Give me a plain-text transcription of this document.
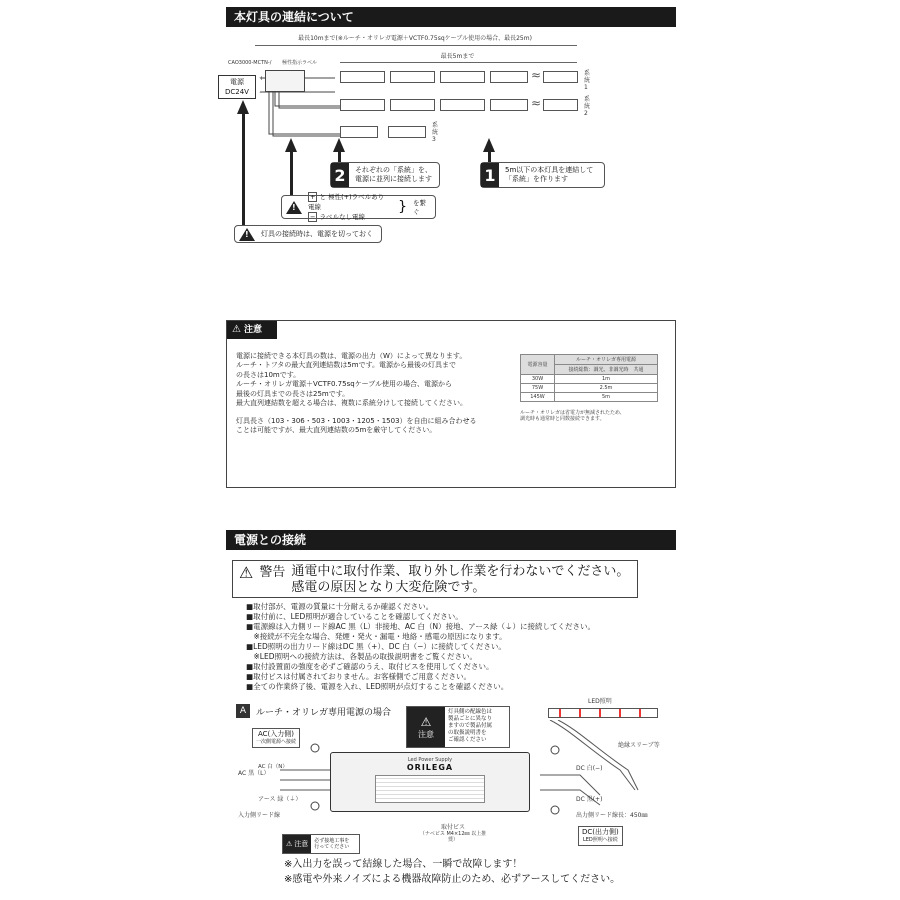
本灯具の連結について
最長10mまで(※ルーチ・オリレガ電源＋VCTF0.75sqケーブル使用の場合、最長25m)
最長5mまで
CAO3000-MCTN-/ 極性指示ラベル
電源
DC24V
+
−
≈	系統1
≈	系統2
系統3
2	それぞれの「系統」を、
電源に並列に接続します	1	5m以下の本灯具を連結して
「系統」を作ります
!
+ と 極性(+)ラベルあり電線
− ラベルなし電線
} を繋ぐ
!
灯具の接続時は、電源を切っておく
⚠ 注意
電源に接続できる本灯具の数は、電源の出力（W）によって異なります。
ルーチ・トフタの最大直列連結数は5mです。電源から最後の灯具まで
の長さは10mです。
ルーチ・オリレガ電源＋VCTF0.75sqケーブル使用の場合、電源から
最後の灯具までの長さは25mです。
最大直列連結数を超える場合は、複数に系統分けして接続してください。
灯具長さ（103・306・503・1003・1205・1503）を自由に組み合わせる
ことは可能ですが、最大直列連結数の5mを厳守してください。
電源容量	ルーチ・オリレガ専用電源
	接続総数：調光、非調光時　共通
30W	1m
75W	2.5m
145W	5m
ルーチ・オリレガは省電力が無減されたため、
調光時も通常時と同数接続できます。
電源との接続
⚠ 警告 通電中に取付作業、取り外し作業を行わないでください。
感電の原因となり大変危険です。
■取付部が、電源の質量に十分耐えるか確認ください。
■取付前に、LED照明が適合していることを確認してください。
■電源線は入力側リード線AC 黒（L）非接地、AC 白（N）接地、アース緑（⏚）に接続してください。
　※接続が不完全な場合、発煙・発火・漏電・地絡・感電の原因になります。
■LED照明の出力リード線はDC 黒（+）、DC 白（−）に接続してください。
　※LED照明への接続方法は、各製品の取扱説明書をご覧ください。
■取付設置面の強度を必ずご確認のうえ、取付ビスを使用してください。
■取付ビスは付属されておりません。お客様側でご用意ください。
■全ての作業終了後、電源を入れ、LED照明が点灯することを確認ください。
A	ルーチ・オリレガ専用電源の場合
⚠
注意
灯具側の配線色は
製品ごとに異なり
ますので製品付属
の取扱説明書を
ご確認ください
LED照明
絶縁スリーブ等
Led Power Supply
ORILEGA
AC(入力側)
一次側電源へ接続
AC 黒（L）
AC 白（N）
アース 緑（⏚）
入力側リード線
DC 白(−)
DC 黒(+)
出力側リード線長：450㎜
DC(出力側)
LED照明へ接続
取付ビス
（ナベビス M4×12㎜ 以上推奨）
⚠ 注意 必ず接地工事を
行ってください
※入出力を誤って結線した場合、一瞬で故障します！
※感電や外来ノイズによる機器故障防止のため、必ずアースしてください。
